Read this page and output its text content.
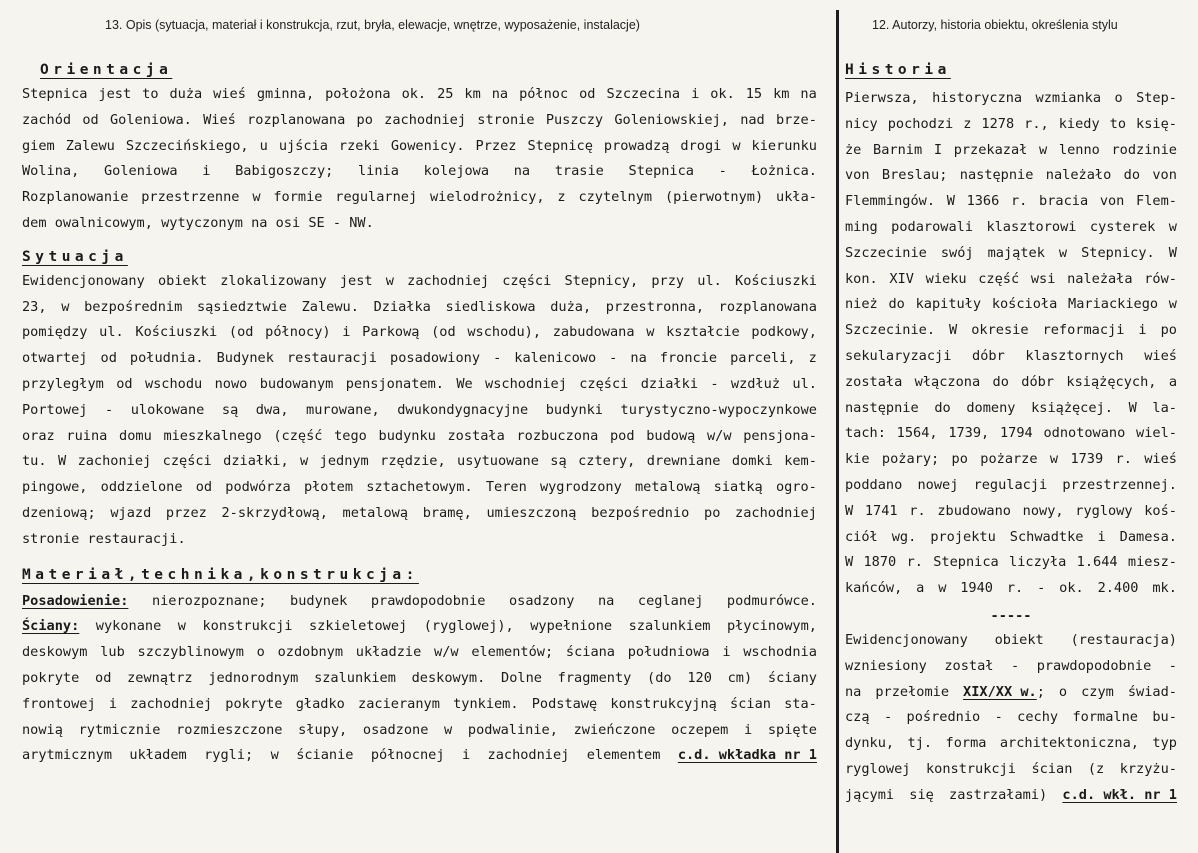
13. Opis (sytuacja, materiał i konstrukcja, rzut, bryła, elewacje, wnętrze, wyposażenie, instalacje)	12. Autorzy, historia obiektu, określenia stylu

Orientacja

Stepnica jest to duża wieś gminna, położona ok. 25 km na północ od Szczecina i ok. 15 km na
zachód od Goleniowa. Wieś rozplanowana po zachodniej stronie Puszczy Goleniowskiej, nad brze-
giem Zalewu Szczecińskiego, u ujścia rzeki Gowenicy. Przez Stepnicę prowadzą drogi w kierunku
Wolina, Goleniowa i Babigoszczy; linia kolejowa na trasie Stepnica - Łożnica.
Rozplanowanie przestrzenne w formie regularnej wielodrożnicy, z czytelnym (pierwotnym) ukła-
dem owalnicowym, wytyczonym na osi SE - NW.

Sytuacja

Ewidencjonowany obiekt zlokalizowany jest w zachodniej części Stepnicy, przy ul. Kościuszki
23, w bezpośrednim sąsiedztwie Zalewu. Działka siedliskowa duża, przestronna, rozplanowana
pomiędzy ul. Kościuszki (od północy) i Parkową (od wschodu), zabudowana w kształcie podkowy,
otwartej od południa. Budynek restauracji posadowiony - kalenicowo - na froncie parceli, z
przyległym od wschodu nowo budowanym pensjonatem. We wschodniej części działki - wzdłuż ul.
Portowej - ulokowane są dwa, murowane, dwukondygnacyjne budynki turystyczno-wypoczynkowe
oraz ruina domu mieszkalnego (część tego budynku została rozbuczona pod budową w/w pensjona-
tu. W zachoniej części działki, w jednym rzędzie, usytuowane są cztery, drewniane domki kem-
pingowe, oddzielone od podwórza płotem sztachetowym. Teren wygrodzony metalową siatką ogro-
dzeniową; wjazd przez 2-skrzydłową, metalową bramę, umieszczoną bezpośrednio po zachodniej
stronie restauracji.

Materiał,technika,konstrukcja:

Posadowienie: nierozpoznane; budynek prawdopodobnie osadzony na ceglanej podmurówce.
Ściany: wykonane w konstrukcji szkieletowej (ryglowej), wypełnione szalunkiem płycinowym,
deskowym lub szczyblinowym o ozdobnym układzie w/w elementów; ściana południowa i wschodnia
pokryte od zewnątrz jednorodnym szalunkiem deskowym. Dolne fragmenty (do 120 cm) ściany
frontowej i zachodniej pokryte gładko zacieranym tynkiem. Podstawę konstrukcyjną ścian sta-
nowią rytmicznie rozmieszczone słupy, osadzone w podwalinie, zwieńczone oczepem i spięte
arytmicznym układem rygli; w ścianie północnej i zachodniej elementem c.d. wkładka nr 1

Historia

Pierwsza, historyczna wzmianka o Step-
nicy pochodzi z 1278 r., kiedy to księ-
że Barnim I przekazał w lenno rodzinie
von Breslau; następnie należało do von
Flemmingów. W 1366 r. bracia von Flem-
ming podarowali klasztorowi cysterek w
Szczecinie swój majątek w Stepnicy. W
kon. XIV wieku część wsi należała rów-
nież do kapituły kościoła Mariackiego w
Szczecinie. W okresie reformacji i po
sekularyzacji dóbr klasztornych wieś
została włączona do dóbr książęcych, a
następnie do domeny książęcej. W la-
tach: 1564, 1739, 1794 odnotowano wiel-
kie pożary; po pożarze w 1739 r. wieś
poddano nowej regulacji przestrzennej.
W 1741 r. zbudowano nowy, ryglowy koś-
ciół wg. projektu Schwadtke i Damesa.
W 1870 r. Stepnica liczyła 1.644 miesz-
kańców, a w 1940 r. - ok. 2.400 mk.

-----

Ewidencjonowany obiekt (restauracja)
wzniesiony został - prawdopodobnie -
na przełomie XIX/XX w.; o czym świad-
czą - pośrednio - cechy formalne bu-
dynku, tj. forma architektoniczna, typ
ryglowej konstrukcji ścian (z krzyżu-
jącymi się zastrzałami) c.d. wkł. nr 1
